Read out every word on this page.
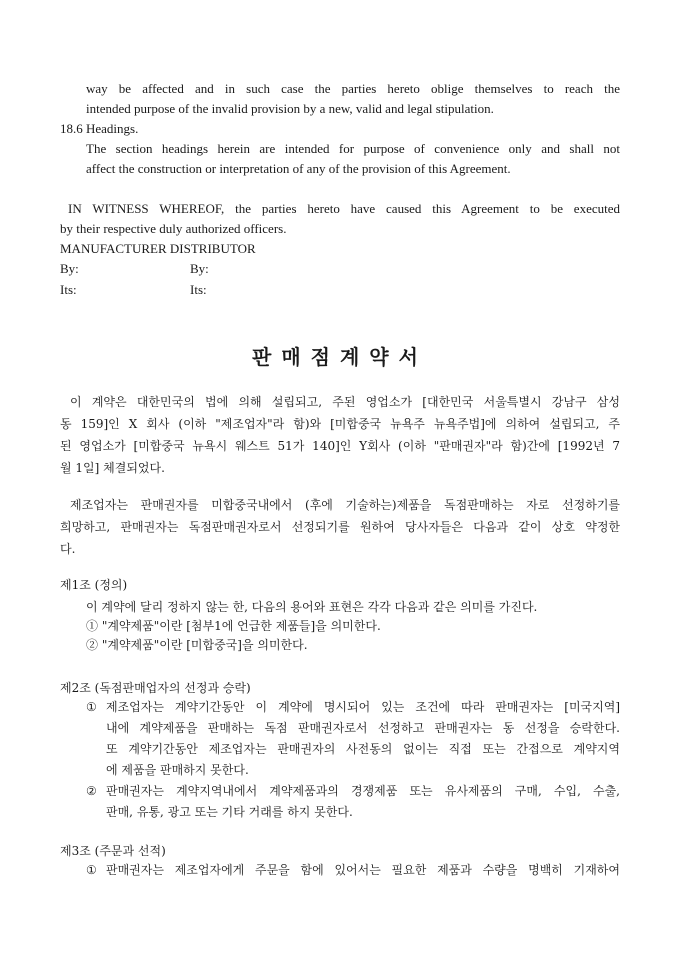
way be affected and in such case the parties hereto oblige themselves to reach the
intended purpose of the invalid provision by a new, valid and legal stipulation.
18.6 Headings.
The section headings herein are intended for purpose of convenience only and shall not
affect the construction or interpretation of any of the provision of this Agreement.
IN WITNESS WHEREOF, the parties hereto have caused this Agreement to be executed
by their respective duly authorized officers.
MANUFACTURER DISTRIBUTOR
By:	By:
Its:	Its:
판매점계약서
이 계약은 대한민국의 법에 의해 설립되고, 주된 영업소가 [대한민국 서울특별시 강남구 삼성
동 159]인 X 회사 (이하 "제조업자"라 함)와 [미합중국 뉴욕주 뉴욕주법]에 의하여 설립되고, 주
된 영업소가 [미합중국 뉴욕시 웨스트 51가 140]인 Y회사 (이하 "판매권자"라 함)간에 [1992년 7
월 1일] 체결되었다.
제조업자는 판매권자를 미합중국내에서 (후에 기술하는)제품을 독점판매하는 자로 선정하기를
희망하고, 판매권자는 독점판매권자로서 선정되기를 원하여 당사자들은 다음과 같이 상호 약정한
다.
제1조 (정의)
이 계약에 달리 정하지 않는 한, 다음의 용어와 표현은 각각 다음과 같은 의미를 가진다.
① "계약제품"이란 [첨부1에 언급한 제품들]을 의미한다.
② "계약제품"이란 [미합중국]을 의미한다.
제2조 (독점판매업자의 선정과 승락)
① 제조업자는 계약기간동안 이 계약에 명시되어 있는 조건에 따라 판매권자는 [미국지역]
내에 계약제품을 판매하는 독점 판매권자로서 선정하고 판매권자는 동 선정을 승락한다.
또 계약기간동안 제조업자는 판매권자의 사전동의 없이는 직접 또는 간접으로 계약지역
에 제품을 판매하지 못한다.
② 판매권자는 계약지역내에서 계약제품과의 경쟁제품 또는 유사제품의 구매, 수입, 수출,
판매, 유통, 광고 또는 기타 거래를 하지 못한다.
제3조 (주문과 선적)
① 판매권자는 제조업자에게 주문을 함에 있어서는 필요한 제품과 수량을 명백히 기재하여
